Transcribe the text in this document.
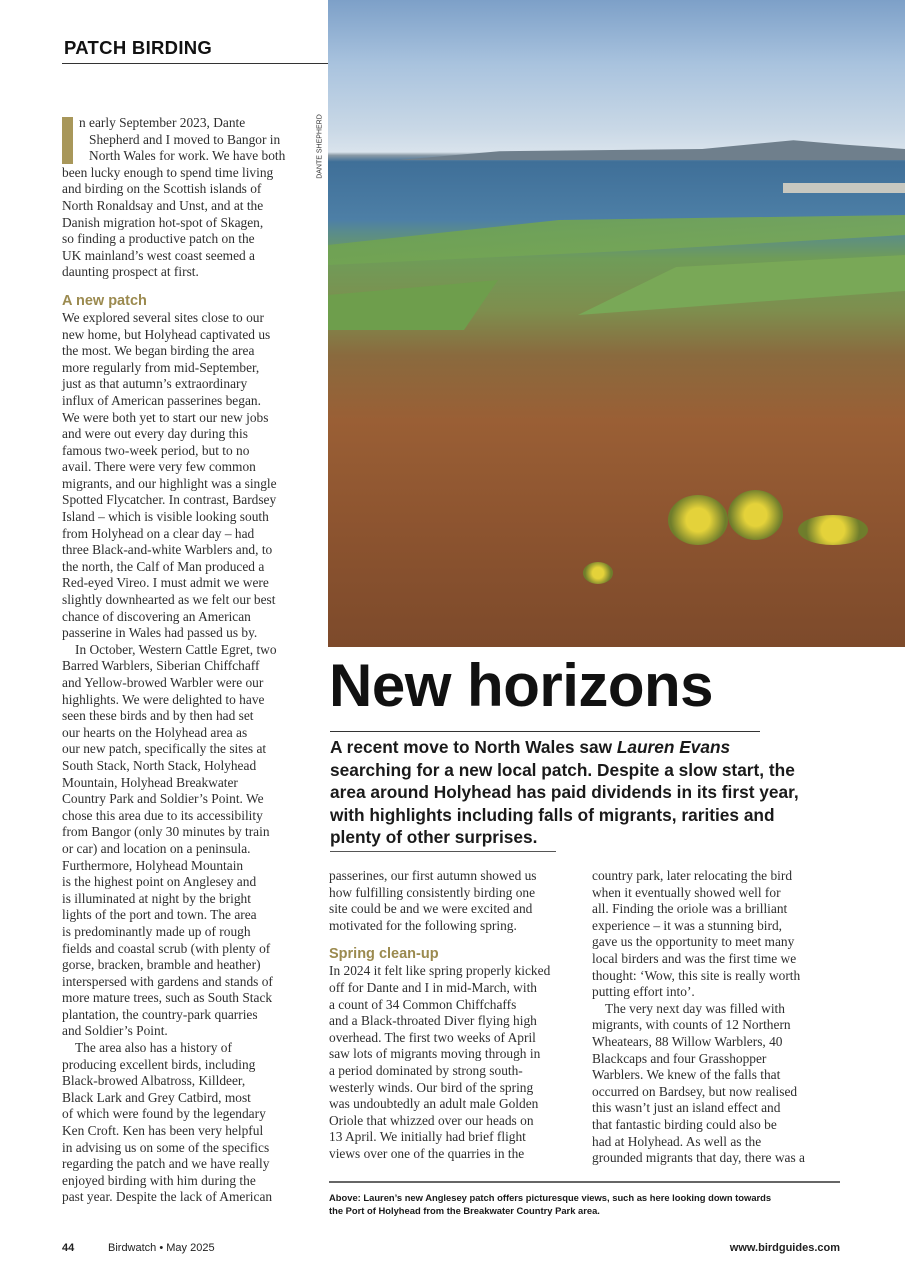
PATCH BIRDING
DANTE SHEPHERD
New horizons
A recent move to North Wales saw Lauren Evans
searching for a new local patch. Despite a slow start, the
area around Holyhead has paid dividends in its first year,
with highlights including falls of migrants, rarities and
plenty of other surprises.
I	n early September 2023, Dante
Shepherd and I moved to Bangor in
North Wales for work. We have both
been lucky enough to spend time living
and birding on the Scottish islands of
North Ronaldsay and Unst, and at the
Danish migration hot-spot of Skagen,
so finding a productive patch on the
UK mainland’s west coast seemed a
daunting prospect at first.

A new patch

We explored several sites close to our
new home, but Holyhead captivated us
the most. We began birding the area
more regularly from mid-September,
just as that autumn’s extraordinary
influx of American passerines began.
We were both yet to start our new jobs
and were out every day during this
famous two-week period, but to no
avail. There were very few common
migrants, and our highlight was a single
Spotted Flycatcher. In contrast, Bardsey
Island – which is visible looking south
from Holyhead on a clear day – had
three Black-and-white Warblers and, to
the north, the Calf of Man produced a
Red-eyed Vireo. I must admit we were
slightly downhearted as we felt our best
chance of discovering an American
passerine in Wales had passed us by.

In October, Western Cattle Egret, two
Barred Warblers, Siberian Chiffchaff
and Yellow-browed Warbler were our
highlights. We were delighted to have
seen these birds and by then had set
our hearts on the Holyhead area as
our new patch, specifically the sites at
South Stack, North Stack, Holyhead
Mountain, Holyhead Breakwater
Country Park and Soldier’s Point. We
chose this area due to its accessibility
from Bangor (only 30 minutes by train
or car) and location on a peninsula.
Furthermore, Holyhead Mountain
is the highest point on Anglesey and
is illuminated at night by the bright
lights of the port and town. The area
is predominantly made up of rough
fields and coastal scrub (with plenty of
gorse, bracken, bramble and heather)
interspersed with gardens and stands of
more mature trees, such as South Stack
plantation, the country-park quarries
and Soldier’s Point.

The area also has a history of
producing excellent birds, including
Black-browed Albatross, Killdeer,
Black Lark and Grey Catbird, most
of which were found by the legendary
Ken Croft. Ken has been very helpful
in advising us on some of the specifics
regarding the patch and we have really
enjoyed birding with him during the
past year. Despite the lack of American

passerines, our first autumn showed us
how fulfilling consistently birding one
site could be and we were excited and
motivated for the following spring.

Spring clean-up

In 2024 it felt like spring properly kicked
off for Dante and I in mid-March, with
a count of 34 Common Chiffchaffs
and a Black-throated Diver flying high
overhead. The first two weeks of April
saw lots of migrants moving through in
a period dominated by strong south-
westerly winds. Our bird of the spring
was undoubtedly an adult male Golden
Oriole that whizzed over our heads on
13 April. We initially had brief flight
views over one of the quarries in the

country park, later relocating the bird
when it eventually showed well for
all. Finding the oriole was a brilliant
experience – it was a stunning bird,
gave us the opportunity to meet many
local birders and was the first time we
thought: ‘Wow, this site is really worth
putting effort into’.

The very next day was filled with
migrants, with counts of 12 Northern
Wheatears, 88 Willow Warblers, 40
Blackcaps and four Grasshopper
Warblers. We knew of the falls that
occurred on Bardsey, but now realised
this wasn’t just an island effect and
that fantastic birding could also be
had at Holyhead. As well as the
grounded migrants that day, there was a

Above: Lauren’s new Anglesey patch offers picturesque views, such as here looking down towards
the Port of Holyhead from the Breakwater Country Park area.
44	Birdwatch • May 2025	www.birdguides.com
